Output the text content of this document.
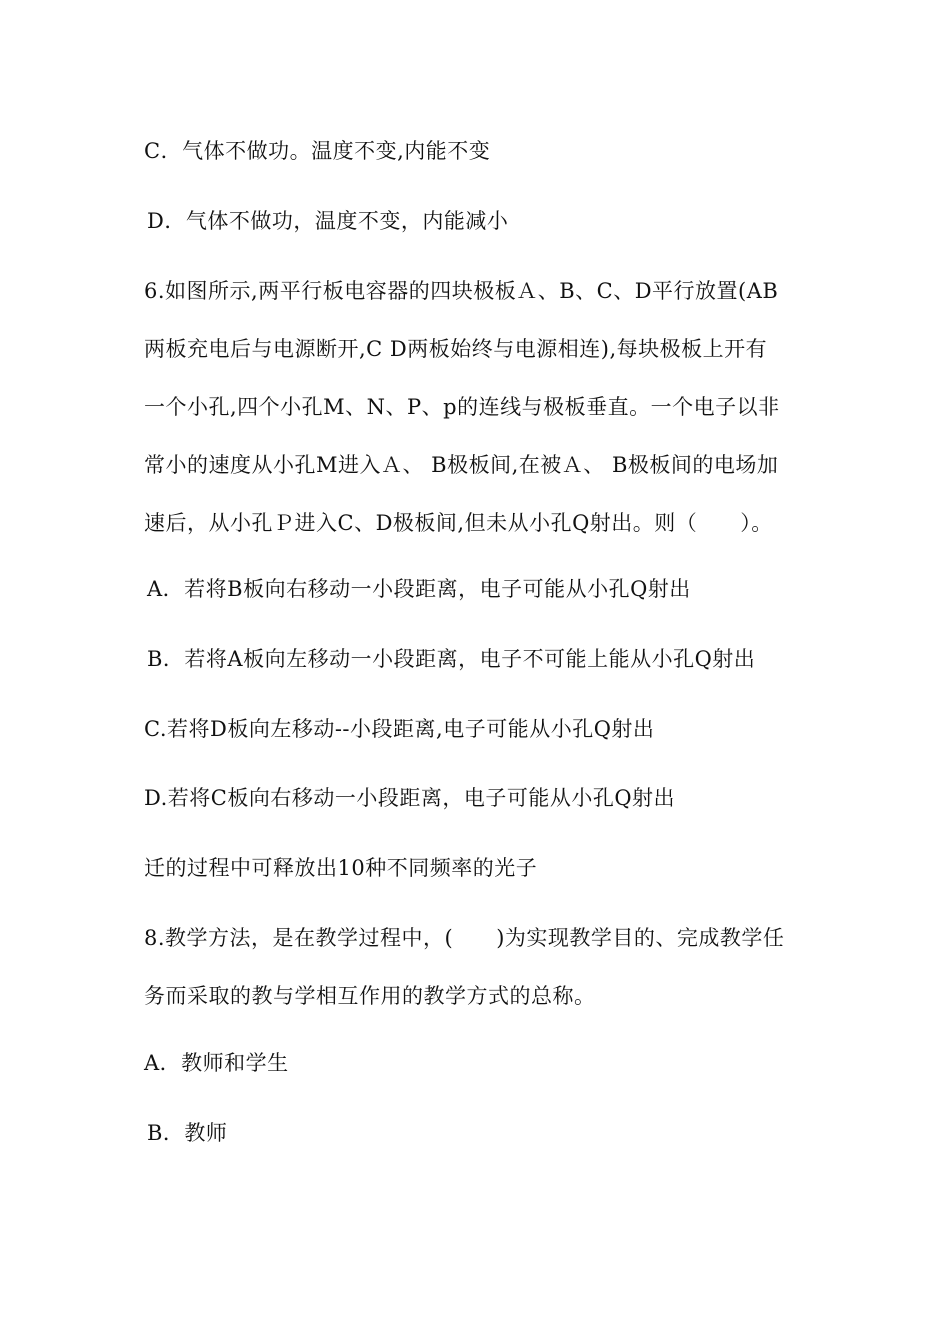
C．气体不做功。温度不变,内能不变
D．气体不做功，温度不变，内能减小
6.如图所示,两平行板电容器的四块极板Ａ、B、C、D平行放置(AB
两板充电后与电源断开,C D两板始终与电源相连),每块极板上开有
一个小孔,四个小孔M、N、P、p的连线与极板垂直。一个电子以非
常小的速度从小孔M进入Ａ、 B极板间,在被Ａ、 B极板间的电场加
速后，从小孔Ｐ进入C、D极板间,但未从小孔Q射出。则（　　）。
A．若将B板向右移动一小段距离，电子可能从小孔Q射出
B．若将A板向左移动一小段距离，电子不可能上能从小孔Q射出
C.若将D板向左移动--小段距离,电子可能从小孔Q射出
D.若将C板向右移动一小段距离，电子可能从小孔Q射出
迁的过程中可释放出10种不同频率的光子
8.教学方法，是在教学过程中，(　　)为实现教学目的、完成教学任
务而采取的教与学相互作用的教学方式的总称。
A．教师和学生
B．教师
